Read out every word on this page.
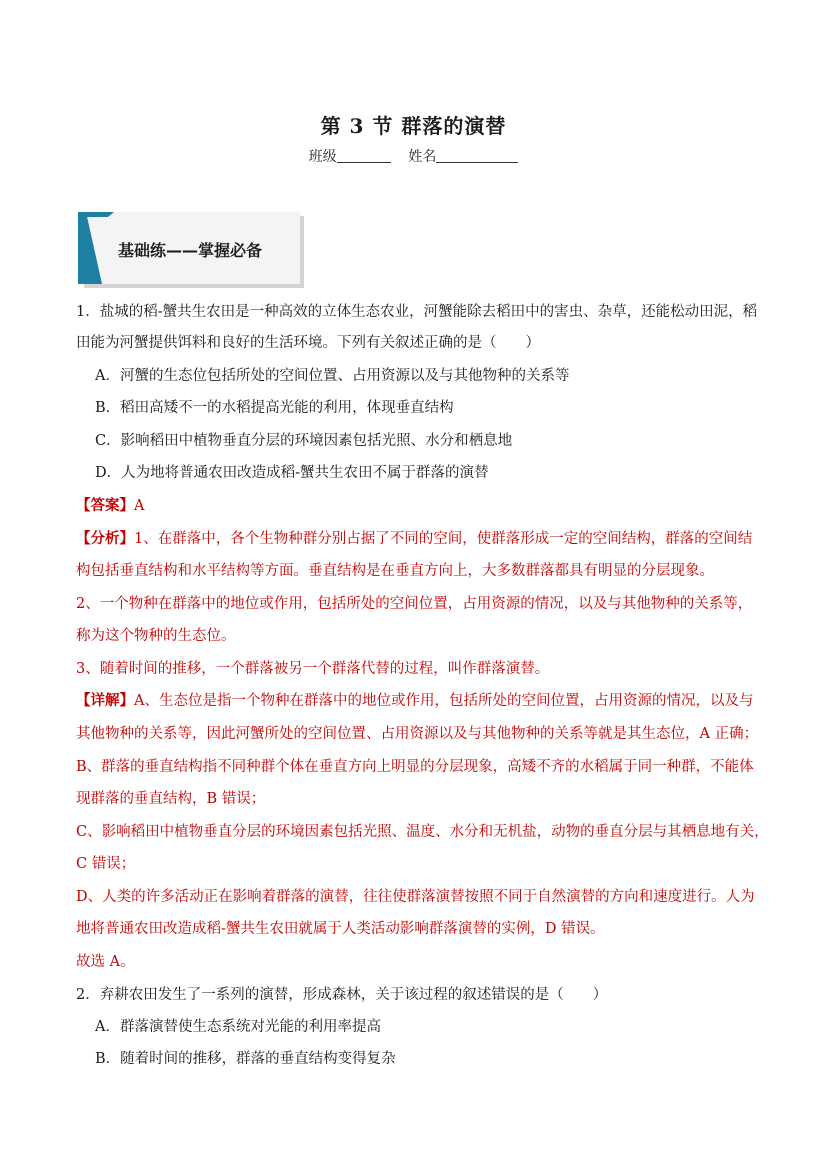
第 3 节 群落的演替
班级	姓名
基础练——掌握必备
1．盐城的稻-蟹共生农田是一种高效的立体生态农业，河蟹能除去稻田中的害虫、杂草，还能松动田泥，稻
田能为河蟹提供饵料和良好的生活环境。下列有关叙述正确的是（　　）
A．河蟹的生态位包括所处的空间位置、占用资源以及与其他物种的关系等
B．稻田高矮不一的水稻提高光能的利用，体现垂直结构
C．影响稻田中植物垂直分层的环境因素包括光照、水分和栖息地
D．人为地将普通农田改造成稻-蟹共生农田不属于群落的演替
【答案】A
【分析】1、在群落中，各个生物种群分别占据了不同的空间，使群落形成一定的空间结构，群落的空间结
构包括垂直结构和水平结构等方面。垂直结构是在垂直方向上，大多数群落都具有明显的分层现象。
2、一个物种在群落中的地位或作用，包括所处的空间位置，占用资源的情况，以及与其他物种的关系等，
称为这个物种的生态位。
3、随着时间的推移，一个群落被另一个群落代替的过程，叫作群落演替。
【详解】A、生态位是指一个物种在群落中的地位或作用，包括所处的空间位置，占用资源的情况，以及与
其他物种的关系等，因此河蟹所处的空间位置、占用资源以及与其他物种的关系等就是其生态位，A 正确；
B、群落的垂直结构指不同种群个体在垂直方向上明显的分层现象，高矮不齐的水稻属于同一种群，不能体
现群落的垂直结构，B 错误；
C、影响稻田中植物垂直分层的环境因素包括光照、温度、水分和无机盐，动物的垂直分层与其栖息地有关，
C 错误；
D、人类的许多活动正在影响着群落的演替，往往使群落演替按照不同于自然演替的方向和速度进行。人为
地将普通农田改造成稻-蟹共生农田就属于人类活动影响群落演替的实例，D 错误。
故选 A。
2．弃耕农田发生了一系列的演替，形成森林，关于该过程的叙述错误的是（　　）
A．群落演替使生态系统对光能的利用率提高
B．随着时间的推移，群落的垂直结构变得复杂
